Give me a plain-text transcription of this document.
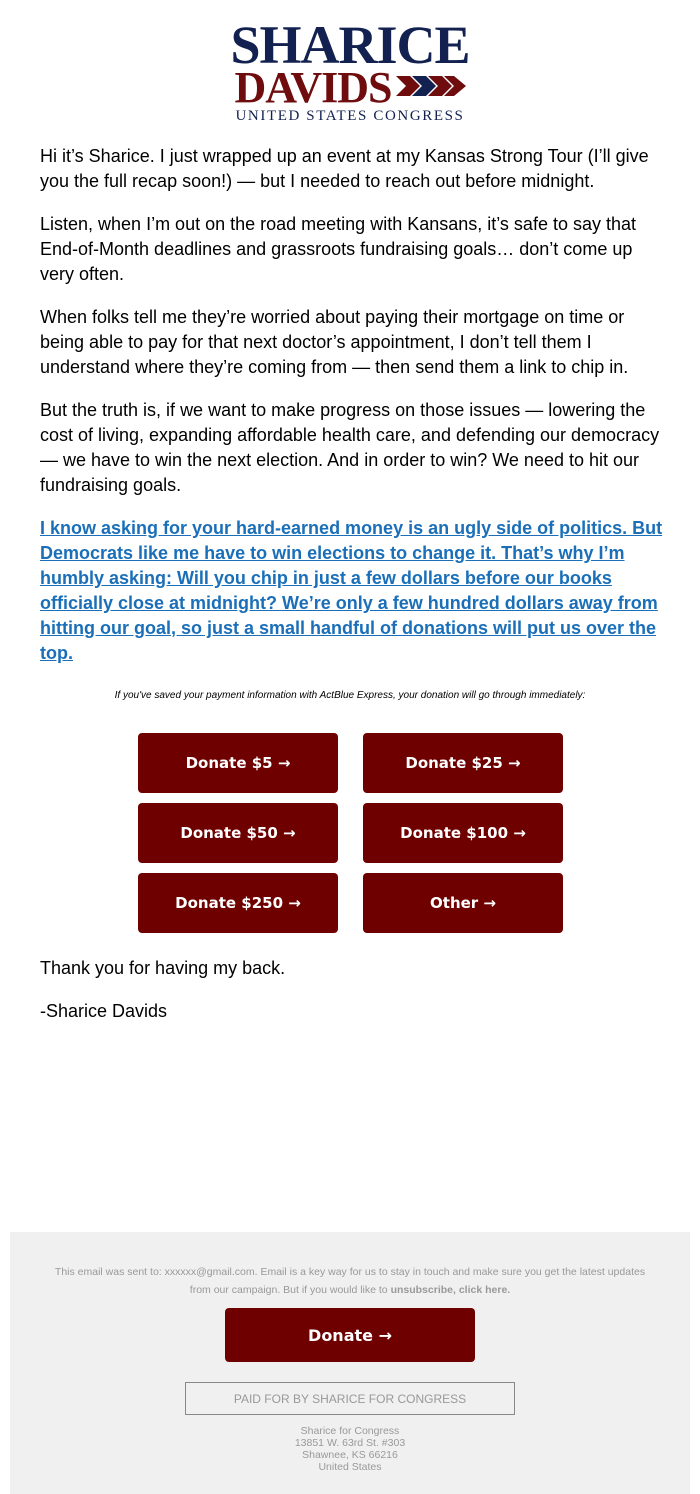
SHARICE
DAVIDS
UNITED STATES CONGRESS

Hi it’s Sharice. I just wrapped up an event at my Kansas Strong Tour (I’ll give you the full recap soon!) — but I needed to reach out before midnight.

Listen, when I’m out on the road meeting with Kansans, it’s safe to say that End-of-Month deadlines and grassroots fundraising goals… don’t come up very often.

When folks tell me they’re worried about paying their mortgage on time or being able to pay for that next doctor’s appointment, I don’t tell them I understand where they’re coming from — then send them a link to chip in.

But the truth is, if we want to make progress on those issues — lowering the cost of living, expanding affordable health care, and defending our democracy — we have to win the next election. And in order to win? We need to hit our fundraising goals.

I know asking for your hard-earned money is an ugly side of politics. But Democrats like me have to win elections to change it. That’s why I’m humbly asking: Will you chip in just a few dollars before our books officially close at midnight? We’re only a few hundred dollars away from hitting our goal, so just a small handful of donations will put us over the top.
If you've saved your payment information with ActBlue Express, your donation will go through immediately:
Donate $5 →	Donate $25 →
Donate $50 →	Donate $100 →
Donate $250 →	Other →

Thank you for having my back.

-Sharice Davids

This email was sent to: xxxxxx@gmail.com. Email is a key way for us to stay in touch and make sure you get the latest updates from our campaign. But if you would like to unsubscribe, click here.
Donate →
PAID FOR BY SHARICE FOR CONGRESS
Sharice for Congress
13851 W. 63rd St. #303
Shawnee, KS 66216
United States
